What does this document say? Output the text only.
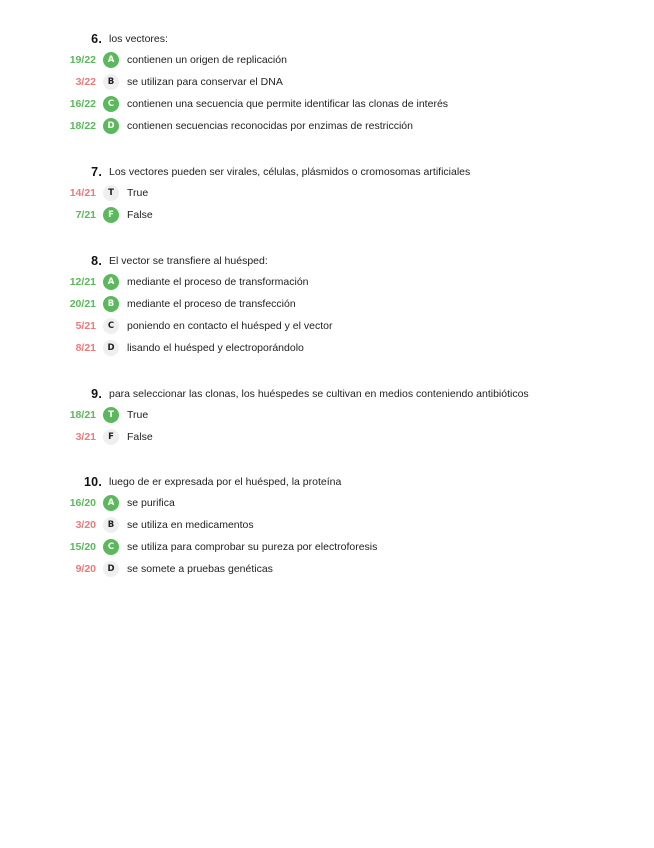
6. los vectores:
19/22	A	contienen un origen de replicación
3/22	B	se utilizan para conservar el DNA
16/22	C	contienen una secuencia que permite identificar las clonas de interés
18/22	D	contienen secuencias reconocidas por enzimas de restricción
7. Los vectores pueden ser virales, células, plásmidos o cromosomas artificiales
14/21	T	True
7/21	F	False
8. El vector se transfiere al huésped:
12/21	A	mediante el proceso de transformación
20/21	B	mediante el proceso de transfección
5/21	C	poniendo en contacto el huésped y el vector
8/21	D	lisando el huésped y electroporándolo
9. para seleccionar las clonas, los huéspedes se cultivan en medios conteniendo antibióticos
18/21	T	True
3/21	F	False
10. luego de er expresada por el huésped, la proteína
16/20	A	se purifica
3/20	B	se utiliza en medicamentos
15/20	C	se utiliza para comprobar su pureza por electroforesis
9/20	D	se somete a pruebas genéticas
